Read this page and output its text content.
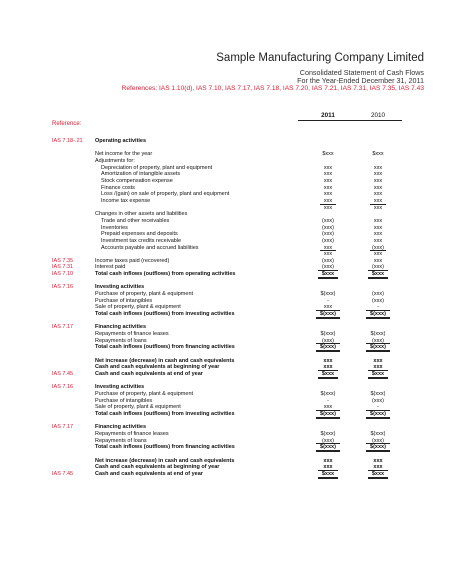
Sample Manufacturing Company Limited
Consolidated Statement of Cash Flows
For the Year-Ended December 31, 2011
References: IAS 1.10(d), IAS 7.10, IAS 7.17, IAS 7.18, IAS 7.20, IAS 7.21, IAS 7.31, IAS 7.35, IAS 7.43
2011	2010
Reference:
IAS 7.18-.21 Operating activities
Net income for the year	$xxx	$xxx
Adjustments for:
Depreciation of property, plant and equipment	xxx	xxx
Amortization of intangible assets	xxx	xxx
Stock compensation expense	xxx	xxx
Finance costs	xxx	xxx
Loss /(gain) on sale of property, plant and equipment	xxx	xxx
Income tax expense	xxx	xxx
xxx	xxx
Changes in other assets and liabilities
Trade and other receivables	(xxx)	xxx
Inventories	(xxx)	xxx
Prepaid expenses and deposits	(xxx)	xxx
Investment tax credits receivable	(xxx)	xxx
Accounts payable and accrued liabilities	xxx	(xxx)
xxx	xxx
IAS 7.35	Income taxes paid (recovered)	(xxx)	xxx
IAS 7.31	Interest paid	(xxx)	(xxx)
IAS 7.10	Total cash inflows (outflows) from operating activities	$xxx	$xxx
IAS 7.16	Investing activities
Purchase of property, plant & equipment	$(xxx)	(xxx)
Purchase of intangibles	-	(xxx)
Sale of property, plant & equipment	xxx	-
Total cash inflows (outflows) from investing activities	$(xxx)	$(xxx)
IAS 7.17	Financing activities
Repayments of finance leases	$(xxx)	$(xxx)
Repayments of loans	(xxx)	(xxx)
Total cash inflows (outflows) from financing activities	$(xxx)	$(xxx)
Net increase (decrease) in cash and cash equivalents	xxx	xxx
Cash and cash equivalents at beginning of year	xxx	xxx
IAS 7.45	Cash and cash equivalents at end of year	$xxx	$xxx
IAS 7.16	Investing activities
Purchase of property, plant & equipment	$(xxx)	$(xxx)
Purchase of intangibles	-	(xxx)
Sale of property, plant & equipment	xxx	-
Total cash inflows (outflows) from investing activities	$(xxx)	$(xxx)
IAS 7.17	Financing activities
Repayments of finance leases	$(xxx)	$(xxx)
Repayments of loans	(xxx)	(xxx)
Total cash inflows (outflows) from financing activities	$(xxx)	$(xxx)
Net increase (decrease) in cash and cash equivalents	xxx	xxx
Cash and cash equivalents at beginning of year	xxx	xxx
IAS 7.45	Cash and cash equivalents at end of year	$xxx	$xxx
